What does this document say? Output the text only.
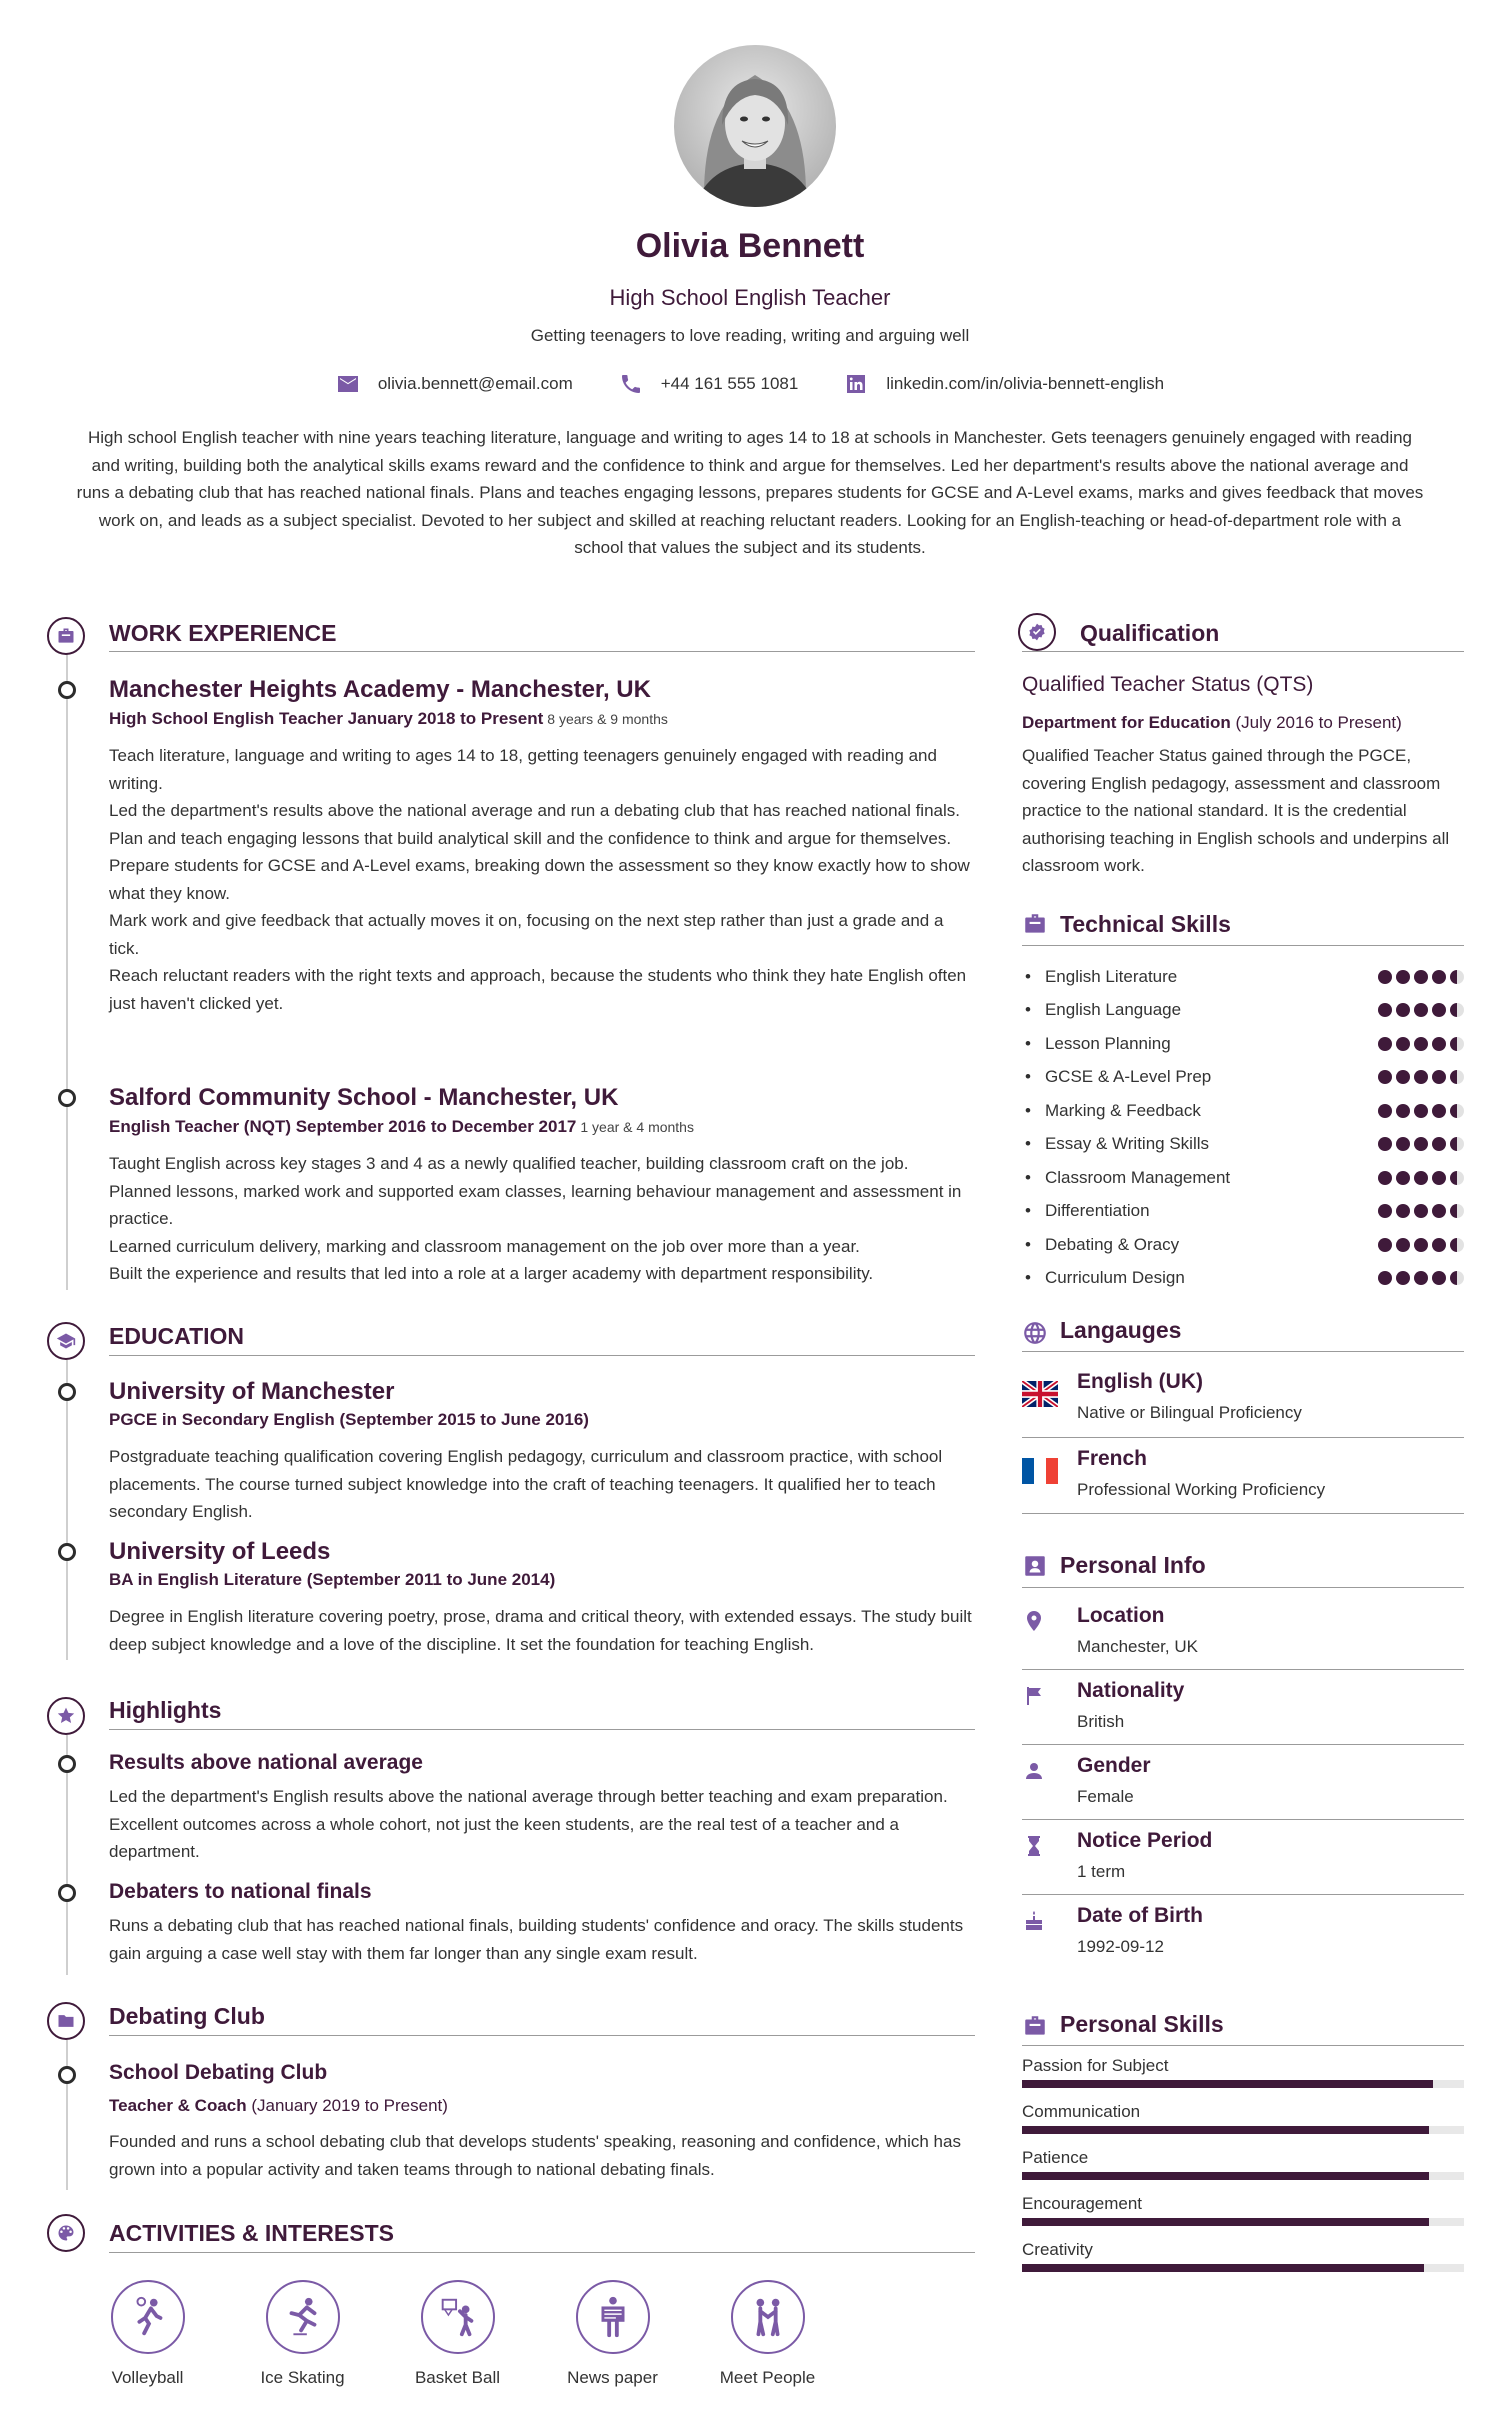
Olivia Bennett
High School English Teacher
Getting teenagers to love reading, writing and arguing well
olivia.bennett@email.com	+44 161 555 1081	linkedin.com/in/olivia-bennett-english
High school English teacher with nine years teaching literature, language and writing to ages 14 to 18 at schools in Manchester. Gets teenagers genuinely engaged with reading and writing, building both the analytical skills exams reward and the confidence to think and argue for themselves. Led her department's results above the national average and runs a debating club that has reached national finals. Plans and teaches engaging lessons, prepares students for GCSE and A-Level exams, marks and gives feedback that moves work on, and leads as a subject specialist. Devoted to her subject and skilled at reaching reluctant readers. Looking for an English-teaching or head-of-department role with a school that values the subject and its students.
WORK EXPERIENCE
Manchester Heights Academy - Manchester, UK
High School English Teacher January 2018 to Present 8 years & 9 months
Teach literature, language and writing to ages 14 to 18, getting teenagers genuinely engaged with reading and writing.
Led the department's results above the national average and run a debating club that has reached national finals.
Plan and teach engaging lessons that build analytical skill and the confidence to think and argue for themselves.
Prepare students for GCSE and A-Level exams, breaking down the assessment so they know exactly how to show what they know.
Mark work and give feedback that actually moves it on, focusing on the next step rather than just a grade and a tick.
Reach reluctant readers with the right texts and approach, because the students who think they hate English often just haven't clicked yet.
Salford Community School - Manchester, UK
English Teacher (NQT) September 2016 to December 2017 1 year & 4 months
Taught English across key stages 3 and 4 as a newly qualified teacher, building classroom craft on the job.
Planned lessons, marked work and supported exam classes, learning behaviour management and assessment in practice.
Learned curriculum delivery, marking and classroom management on the job over more than a year.
Built the experience and results that led into a role at a larger academy with department responsibility.
EDUCATION
University of Manchester
PGCE in Secondary English (September 2015 to June 2016)
Postgraduate teaching qualification covering English pedagogy, curriculum and classroom practice, with school placements. The course turned subject knowledge into the craft of teaching teenagers. It qualified her to teach secondary English.
University of Leeds
BA in English Literature (September 2011 to June 2014)
Degree in English literature covering poetry, prose, drama and critical theory, with extended essays. The study built deep subject knowledge and a love of the discipline. It set the foundation for teaching English.
Highlights
Results above national average
Led the department's English results above the national average through better teaching and exam preparation. Excellent outcomes across a whole cohort, not just the keen students, are the real test of a teacher and a department.
Debaters to national finals
Runs a debating club that has reached national finals, building students' confidence and oracy. The skills students gain arguing a case well stay with them far longer than any single exam result.
Debating Club
School Debating Club
Teacher & Coach (January 2019 to Present)
Founded and runs a school debating club that develops students' speaking, reasoning and confidence, which has grown into a popular activity and taken teams through to national debating finals.
ACTIVITIES & INTERESTS
Volleyball	Ice Skating	Basket Ball	News paper	Meet People
Qualification
Qualified Teacher Status (QTS)
Department for Education (July 2016 to Present)
Qualified Teacher Status gained through the PGCE, covering English pedagogy, assessment and classroom practice to the national standard. It is the credential authorising teaching in English schools and underpins all classroom work.
Technical Skills
• English Literature
• English Language
• Lesson Planning
• GCSE & A-Level Prep
• Marking & Feedback
• Essay & Writing Skills
• Classroom Management
• Differentiation
• Debating & Oracy
• Curriculum Design
Langauges
English (UK)
Native or Bilingual Proficiency
French
Professional Working Proficiency
Personal Info
Location
Manchester, UK
Nationality
British
Gender
Female
Notice Period
1 term
Date of Birth
1992-09-12
Personal Skills
Passion for Subject
Communication
Patience
Encouragement
Creativity
